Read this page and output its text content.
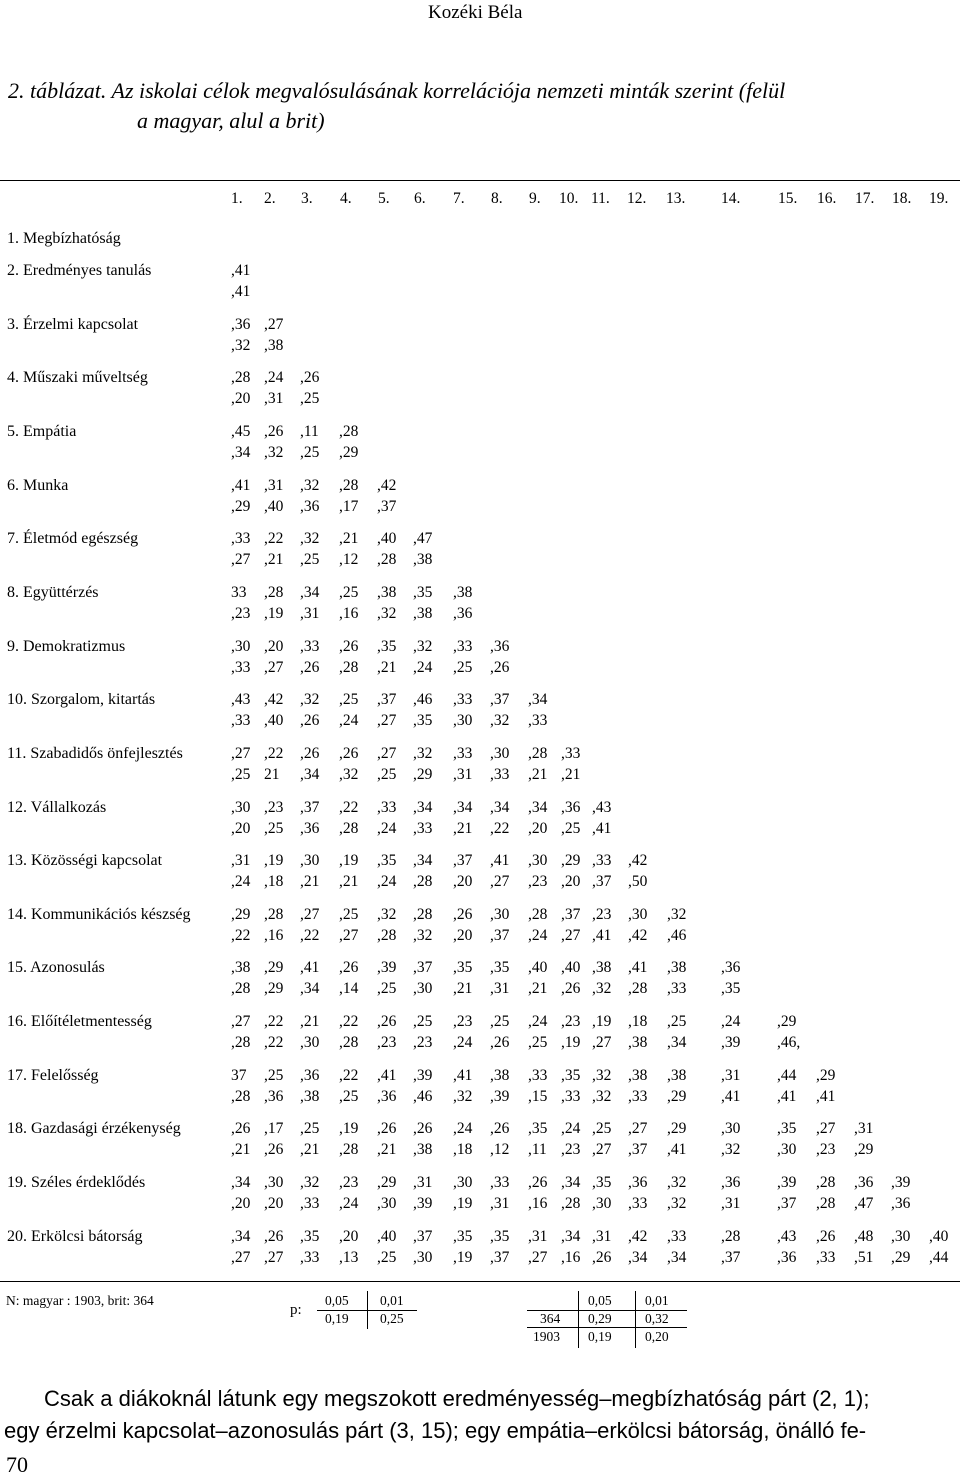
Kozéki Béla
2. táblázat. Az iskolai célok megvalósulásának korrelációja nemzeti minták szerint (felül
a magyar, alul a brit)
1. 2. 3. 4. 5. 6. 7. 8. 9. 10. 11. 12. 13. 14. 15. 16. 17. 18. 19.
1. Megbízhatóság
2. Eredményes tanulás	,41
,41
3. Érzelmi kapcsolat	,36 ,27
,32 ,38
4. Műszaki műveltség	,28 ,24 ,26
,20 ,31 ,25
5. Empátia	,45 ,26 ,11 ,28
,34 ,32 ,25 ,29
6. Munka	,41 ,31 ,32 ,28 ,42
,29 ,40 ,36 ,17 ,37
7. Életmód egészség	,33 ,22 ,32 ,21 ,40 ,47
,27 ,21 ,25 ,12 ,28 ,38
8. Együttérzés	33 ,28 ,34 ,25 ,38 ,35 ,38
,23 ,19 ,31 ,16 ,32 ,38 ,36
9. Demokratizmus	,30 ,20 ,33 ,26 ,35 ,32 ,33 ,36
,33 ,27 ,26 ,28 ,21 ,24 ,25 ,26
10. Szorgalom, kitartás	,43 ,42 ,32 ,25 ,37 ,46 ,33 ,37 ,34
,33 ,40 ,26 ,24 ,27 ,35 ,30 ,32 ,33
11. Szabadidős önfejlesztés	,27 ,22 ,26 ,26 ,27 ,32 ,33 ,30 ,28 ,33
,25 21 ,34 ,32 ,25 ,29 ,31 ,33 ,21 ,21
12. Vállalkozás	,30 ,23 ,37 ,22 ,33 ,34 ,34 ,34 ,34 ,36 ,43
,20 ,25 ,36 ,28 ,24 ,33 ,21 ,22 ,20 ,25 ,41
13. Közösségi kapcsolat	,31 ,19 ,30 ,19 ,35 ,34 ,37 ,41 ,30 ,29 ,33 ,42
,24 ,18 ,21 ,21 ,24 ,28 ,20 ,27 ,23 ,20 ,37 ,50
14. Kommunikációs készség	,29 ,28 ,27 ,25 ,32 ,28 ,26 ,30 ,28 ,37 ,23 ,30 ,32
,22 ,16 ,22 ,27 ,28 ,32 ,20 ,37 ,24 ,27 ,41 ,42 ,46
15. Azonosulás	,38 ,29 ,41 ,26 ,39 ,37 ,35 ,35 ,40 ,40 ,38 ,41 ,38 ,36
,28 ,29 ,34 ,14 ,25 ,30 ,21 ,31 ,21 ,26 ,32 ,28 ,33 ,35
16. Előítéletmentesség	,27 ,22 ,21 ,22 ,26 ,25 ,23 ,25 ,24 ,23 ,19 ,18 ,25 ,24 ,29
,28 ,22 ,30 ,28 ,23 ,23 ,24 ,26 ,25 ,19 ,27 ,38 ,34 ,39 ,46,
17. Felelősség	37 ,25 ,36 ,22 ,41 ,39 ,41 ,38 ,33 ,35 ,32 ,38 ,38 ,31 ,44 ,29
,28 ,36 ,38 ,25 ,36 ,46 ,32 ,39 ,15 ,33 ,32 ,33 ,29 ,41 ,41 ,41
18. Gazdasági érzékenység	,26 ,17 ,25 ,19 ,26 ,26 ,24 ,26 ,35 ,24 ,25 ,27 ,29 ,30 ,35 ,27 ,31
,21 ,26 ,21 ,28 ,21 ,38 ,18 ,12 ,11 ,23 ,27 ,37 ,41 ,32 ,30 ,23 ,29
19. Széles érdeklődés	,34 ,30 ,32 ,23 ,29 ,31 ,30 ,33 ,26 ,34 ,35 ,36 ,32 ,36 ,39 ,28 ,36 ,39
,20 ,20 ,33 ,24 ,30 ,39 ,19 ,31 ,16 ,28 ,30 ,33 ,32 ,31 ,37 ,28 ,47 ,36
20. Erkölcsi bátorság	,34 ,26 ,35 ,20 ,40 ,37 ,35 ,35 ,31 ,34 ,31 ,42 ,33 ,28 ,43 ,26 ,48 ,30 ,40
,27 ,27 ,33 ,13 ,25 ,30 ,19 ,37 ,27 ,16 ,26 ,34 ,34 ,37 ,36 ,33 ,51 ,29 ,44
N: magyar : 1903, brit: 364
p:
0,05 0,01
0,19 0,25
0,05 0,01
364 0,29 0,32
1903 0,19 0,20
Csak a diákoknál látunk egy megszokott eredményesség–megbízhatóság párt (2, 1);
egy érzelmi kapcsolat–azonosulás párt (3, 15); egy empátia–erkölcsi bátorság, önálló fe-
70
